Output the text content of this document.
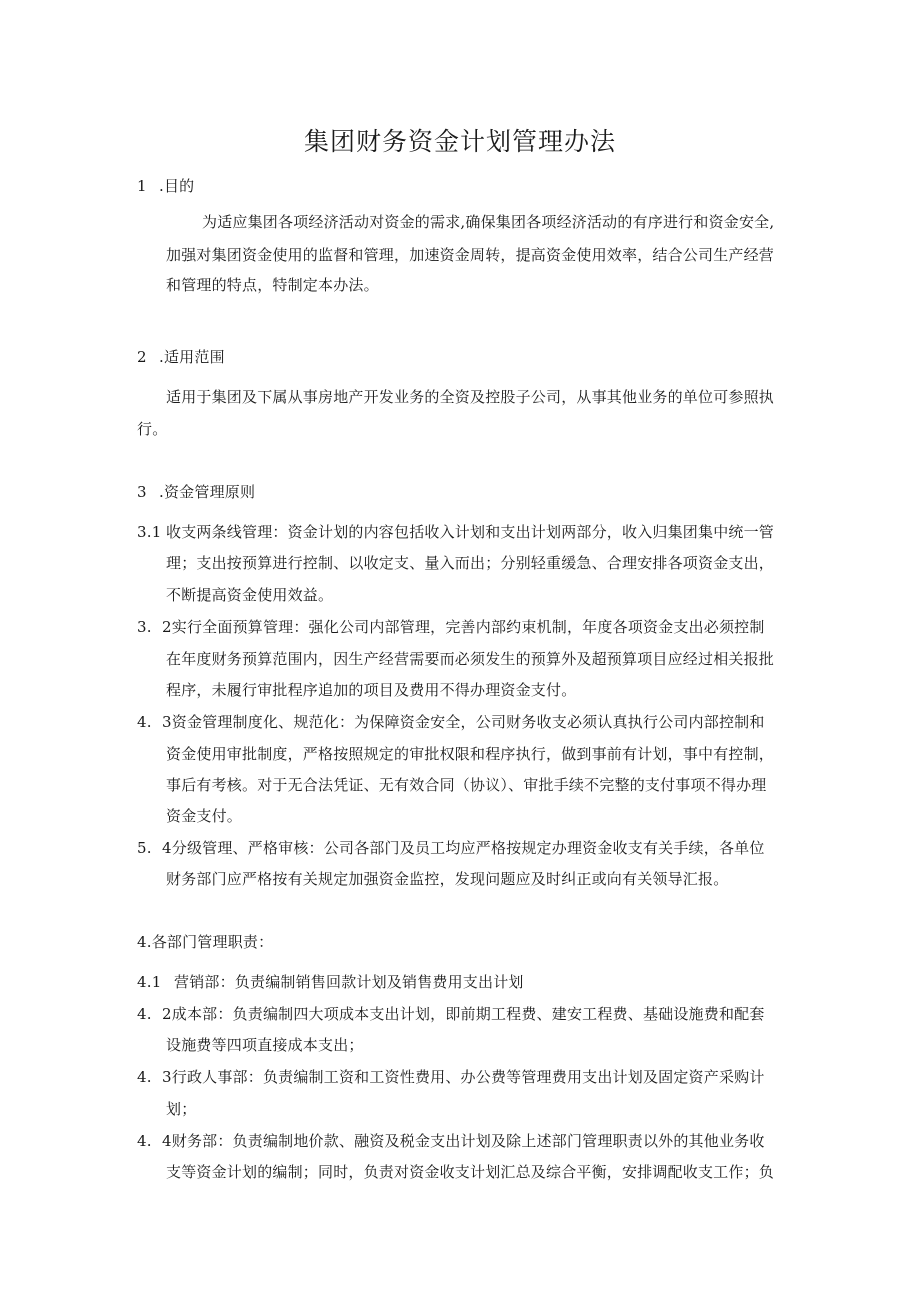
集团财务资金计划管理办法
1 .目的
为适应集团各项经济活动对资金的需求,确保集团各项经济活动的有序进行和资金安全,
加强对集团资金使用的监督和管理，加速资金周转，提高资金使用效率，结合公司生产经营
和管理的特点，特制定本办法。
2 .适用范围
适用于集团及下属从事房地产开发业务的全资及控股子公司，从事其他业务的单位可参照执
行。
3 .资金管理原则
3.1 收支两条线管理：资金计划的内容包括收入计划和支出计划两部分，收入归集团集中统一管
理；支出按预算进行控制、以收定支、量入而出；分别轻重缓急、合理安排各项资金支出，
不断提高资金使用效益。
3. 2实行全面预算管理：强化公司内部管理，完善内部约束机制，年度各项资金支出必须控制
在年度财务预算范围内，因生产经营需要而必须发生的预算外及超预算项目应经过相关报批
程序，未履行审批程序追加的项目及费用不得办理资金支付。
4. 3资金管理制度化、规范化：为保障资金安全，公司财务收支必须认真执行公司内部控制和
资金使用审批制度，严格按照规定的审批权限和程序执行，做到事前有计划，事中有控制，
事后有考核。对于无合法凭证、无有效合同（协议）、审批手续不完整的支付事项不得办理
资金支付。
5. 4分级管理、严格审核：公司各部门及员工均应严格按规定办理资金收支有关手续，各单位
财务部门应严格按有关规定加强资金监控，发现问题应及时纠正或向有关领导汇报。
4.各部门管理职责：
4.1 营销部：负责编制销售回款计划及销售费用支出计划
4. 2成本部：负责编制四大项成本支出计划，即前期工程费、建安工程费、基础设施费和配套
设施费等四项直接成本支出；
4. 3行政人事部：负责编制工资和工资性费用、办公费等管理费用支出计划及固定资产采购计
划；
4. 4财务部：负责编制地价款、融资及税金支出计划及除上述部门管理职责以外的其他业务收
支等资金计划的编制；同时，负责对资金收支计划汇总及综合平衡，安排调配收支工作；负
